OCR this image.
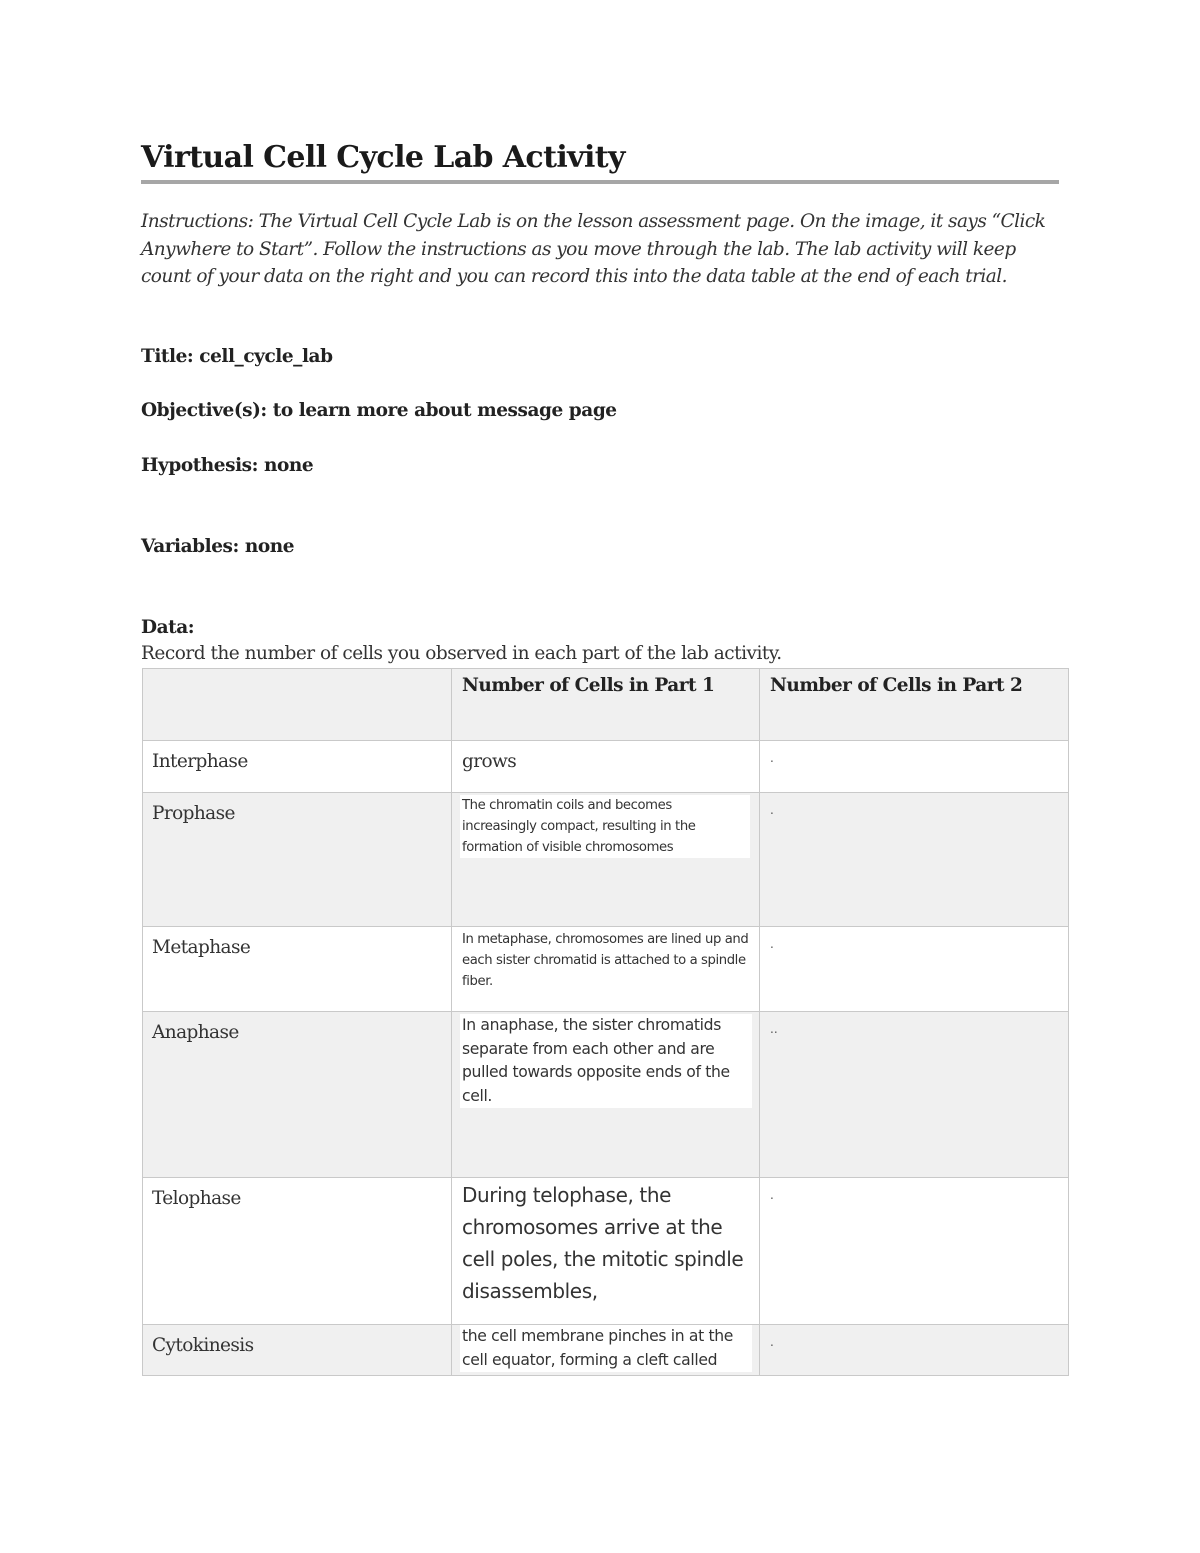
Virtual Cell Cycle Lab Activity
Instructions: The Virtual Cell Cycle Lab is on the lesson assessment page. On the image, it says “Click Anywhere to Start”. Follow the instructions as you move through the lab. The lab activity will keep count of your data on the right and you can record this into the data table at the end of each trial.
Title: cell_cycle_lab
Objective(s): to learn more about message page
Hypothesis: none
Variables: none
Data:
Record the number of cells you observed in each part of the lab activity.

	Number of Cells in Part 1	Number of Cells in Part 2

Interphase	grows	.

Prophase	The chromatin coils and becomes increasingly compact, resulting in the formation of visible chromosomes	.

Metaphase	In metaphase, chromosomes are lined up and each sister chromatid is attached to a spindle fiber.	.

Anaphase	In anaphase, the sister chromatids separate from each other and are pulled towards opposite ends of the cell.	..

Telophase	During telophase, the chromosomes arrive at the cell poles, the mitotic spindle disassembles,	.

Cytokinesis	the cell membrane pinches in at the cell equator, forming a cleft called	.
